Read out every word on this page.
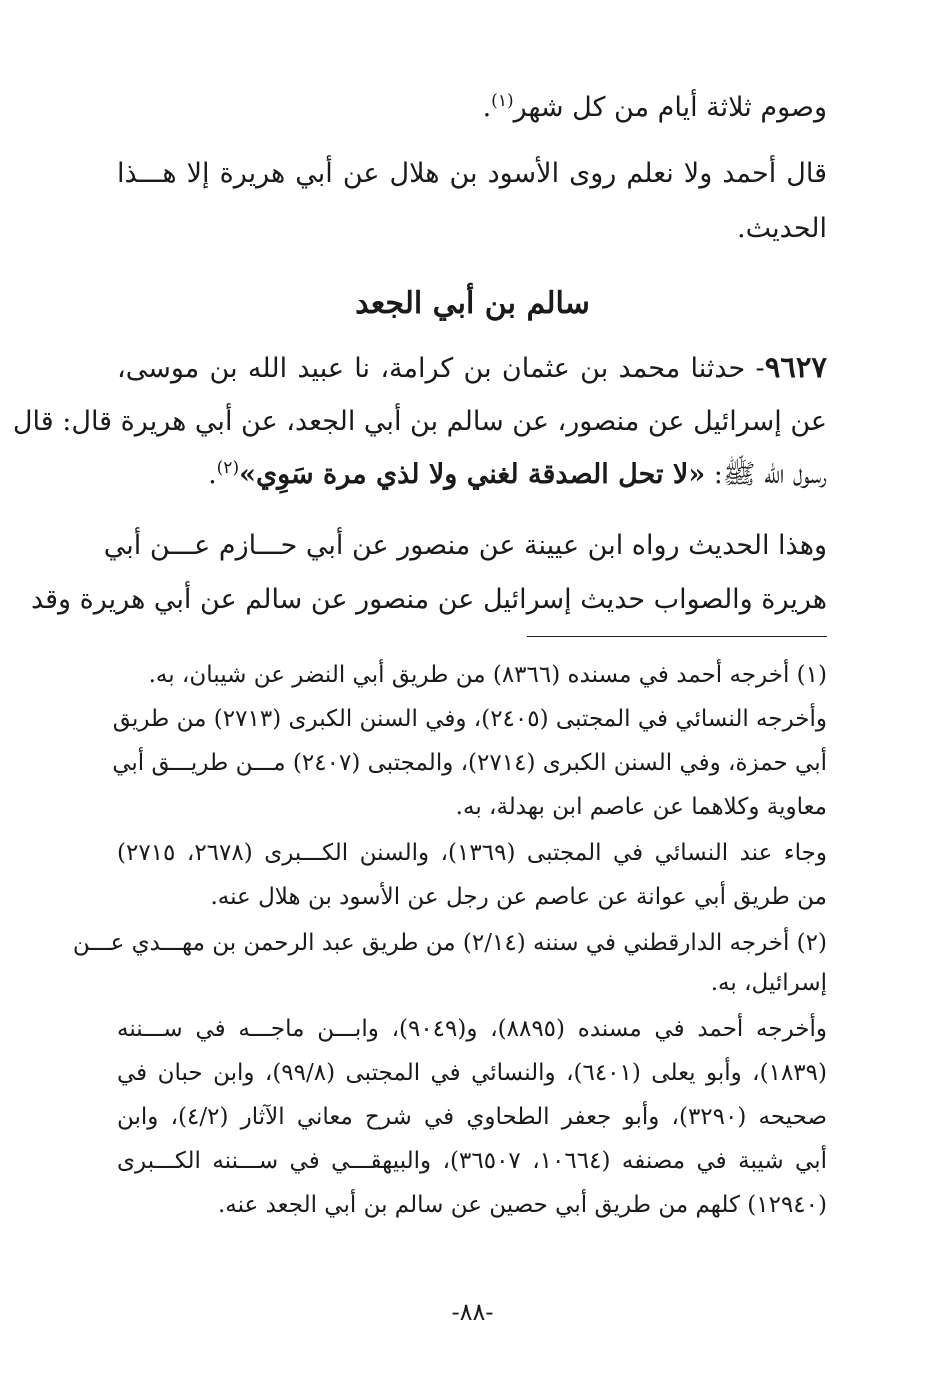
وصوم ثلاثة أيام من كل شهر$^{(١)}$.
قال أحمد ولا نعلم روى الأسود بن هلال عن أبي هريرة إلا هـــذا
الحديث.
سالم بن أبي الجعد
٩٦٢٧- حدثنا محمد بن عثمان بن كرامة، نا عبيد الله بن موسى،
عن إسرائيل عن منصور، عن سالم بن أبي الجعد، عن أبي هريرة قال: قال
رسول الله ﷺ: «لا تحل الصدقة لغني ولا لذي مرة سَوِي»$^{(٢)}$.
وهذا الحديث رواه ابن عيينة عن منصور عن أبي حـــازم عـــن أبي
هريرة والصواب حديث إسرائيل عن منصور عن سالم عن أبي هريرة وقد
(١) أخرجه أحمد في مسنده (٨٣٦٦) من طريق أبي النضر عن شيبان، به.
وأخرجه النسائي في المجتبى (٢٤٠٥)، وفي السنن الكبرى (٢٧١٣) من طريق
أبي حمزة، وفي السنن الكبرى (٢٧١٤)، والمجتبى (٢٤٠٧) مـــن طريـــق أبي
معاوية وكلاهما عن عاصم ابن بهدلة، به.
وجاء عند النسائي في المجتبى (١٣٦٩)، والسنن الكـــبرى (٢٦٧٨، ٢٧١٥)
من طريق أبي عوانة عن عاصم عن رجل عن الأسود بن هلال عنه.
(٢) أخرجه الدارقطني في سننه (٢/١٤) من طريق عبد الرحمن بن مهـــدي عـــن
إسرائيل، به.
وأخرجه أحمد في مسنده (٨٨٩٥)، و(٩٠٤٩)، وابـــن ماجـــه في ســـننه
(١٨٣٩)، وأبو يعلى (٦٤٠١)، والنسائي في المجتبى (٩٩/٨)، وابن حبان في
صحيحه (٣٢٩٠)، وأبو جعفر الطحاوي في شرح معاني الآثار (٤/٢)، وابن
أبي شيبة في مصنفه (١٠٦٦٤، ٣٦٥٠٧)، والبيهقـــي في ســـننه الكـــبرى
(١٢٩٤٠) كلهم من طريق أبي حصين عن سالم بن أبي الجعد عنه.
-٨٨-
